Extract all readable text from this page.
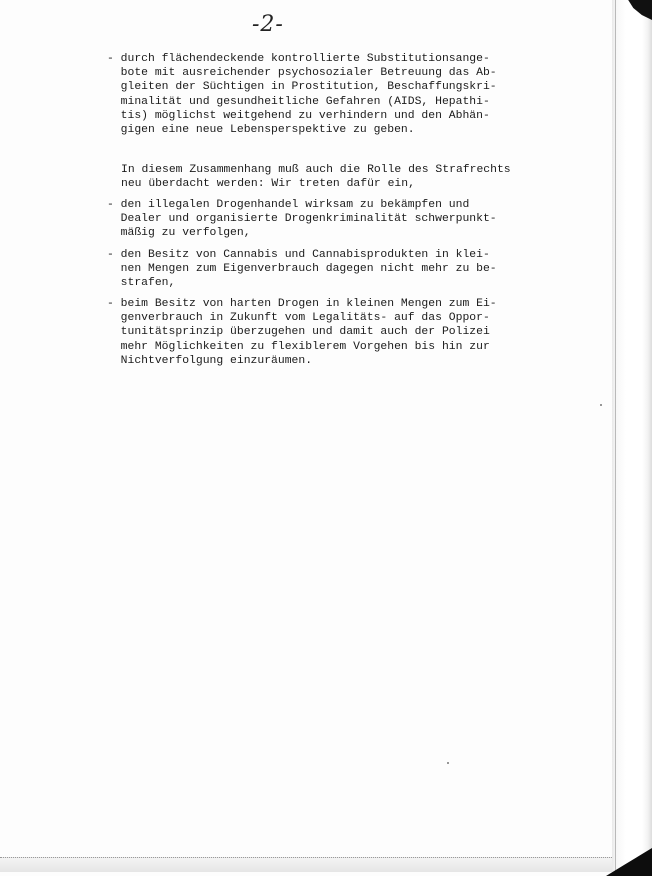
-2-

- durch flächendeckende kontrollierte Substitutionsange-
bote mit ausreichender psychosozialer Betreuung das Ab-
gleiten der Süchtigen in Prostitution, Beschaffungskri-
minalität und gesundheitliche Gefahren (AIDS, Hepathi-
tis) möglichst weitgehend zu verhindern und den Abhän-
gigen eine neue Lebensperspektive zu geben.

In diesem Zusammenhang muß auch die Rolle des Strafrechts
neu überdacht werden: Wir treten dafür ein,

- den illegalen Drogenhandel wirksam zu bekämpfen und
Dealer und organisierte Drogenkriminalität schwerpunkt-
mäßig zu verfolgen,

- den Besitz von Cannabis und Cannabisprodukten in klei-
nen Mengen zum Eigenverbrauch dagegen nicht mehr zu be-
strafen,

- beim Besitz von harten Drogen in kleinen Mengen zum Ei-
genverbrauch in Zukunft vom Legalitäts- auf das Oppor-
tunitätsprinzip überzugehen und damit auch der Polizei
mehr Möglichkeiten zu flexiblerem Vorgehen bis hin zur
Nichtverfolgung einzuräumen.
